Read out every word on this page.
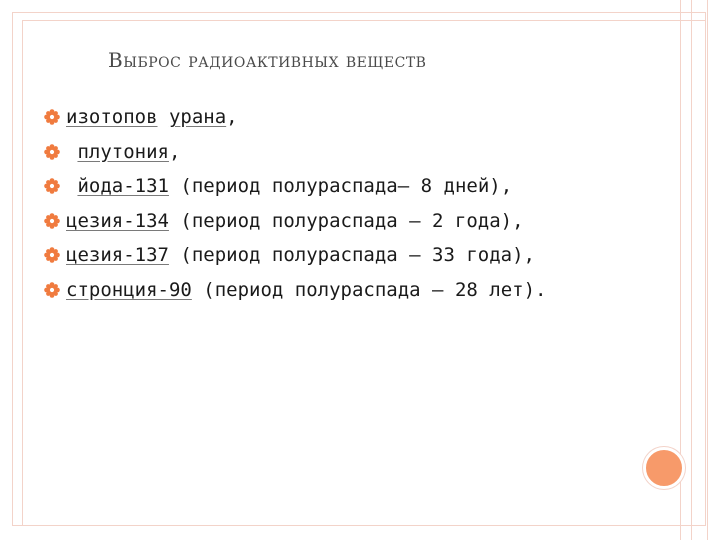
Выброс радиоактивных веществ
изотопов
урана ,

плутония ,

йода-131 (период полураспада— 8 дней),
цезия-134 (период полураспада — 2 года),
цезия-137 (период полураспада — 33 года),
стронция-90 (период полураспада — 28 лет).
